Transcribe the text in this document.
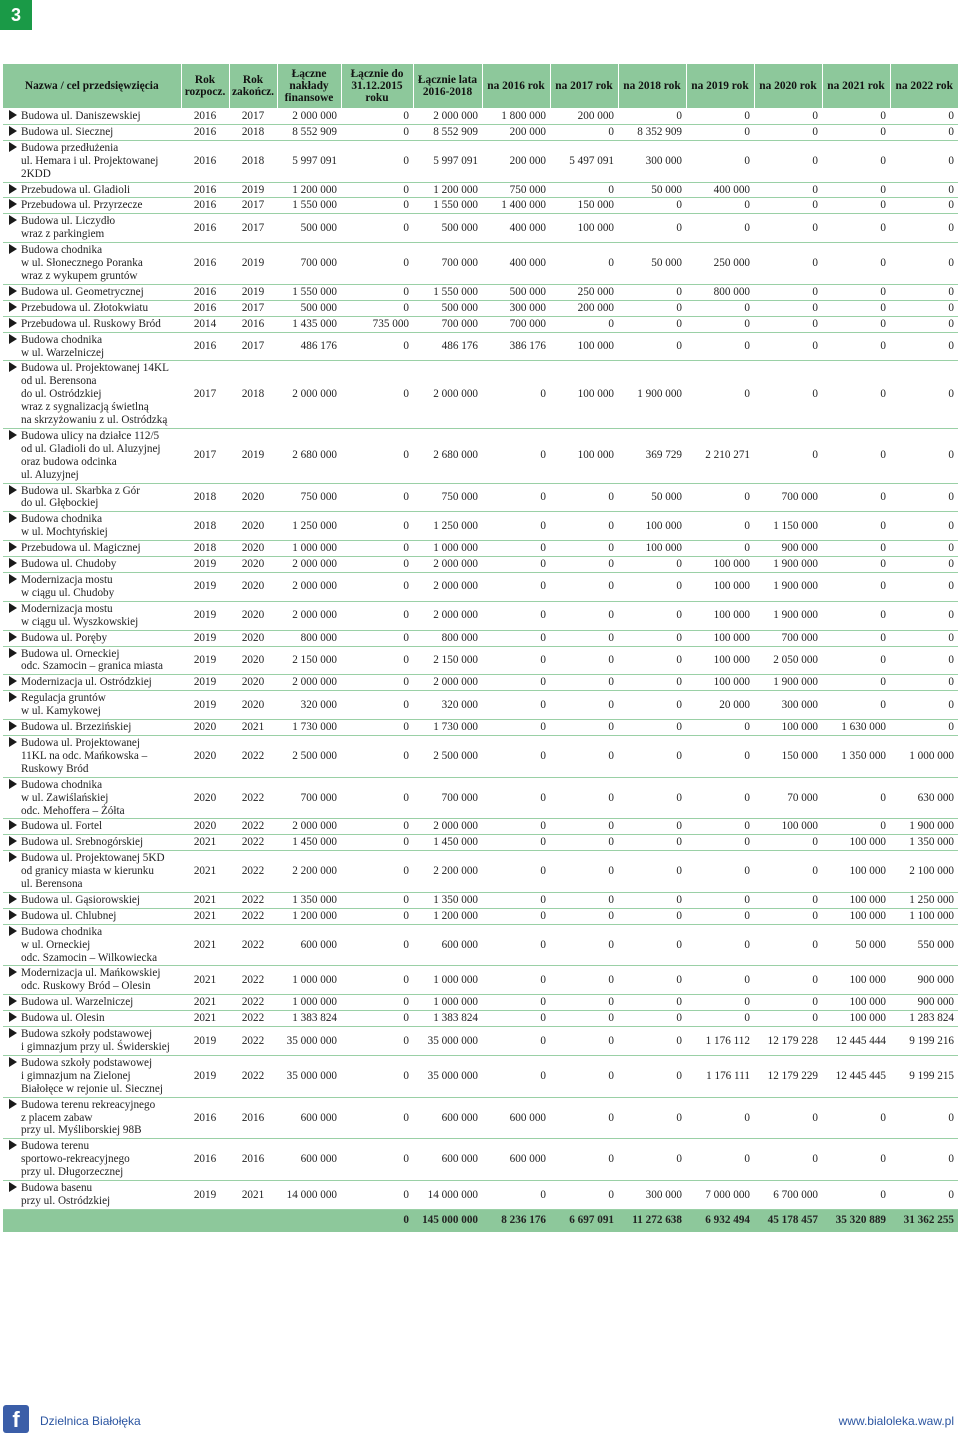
3
Nazwa / cel przedsięwzięcia	Rok rozpocz.	Rok zakończ.	Łączne nakłady finansowe	Łącznie do 31.12.2015 roku	Łącznie lata 2016-2018	na 2016 rok	na 2017 rok	na 2018 rok	na 2019 rok	na 2020 rok	na 2021 rok	na 2022 rok

Budowa ul. Daniszewskiej	2016	2017	2 000 000	0	2 000 000	1 800 000	200 000	0	0	0	0	0

Budowa ul. Siecznej	2016	2018	8 552 909	0	8 552 909	200 000	0	8 352 909	0	0	0	0

Budowa przedłużenia
ul. Hemara i ul. Projektowanej
2KDD	2016	2018	5 997 091	0	5 997 091	200 000	5 497 091	300 000	0	0	0	0

Przebudowa ul. Gladioli	2016	2019	1 200 000	0	1 200 000	750 000	0	50 000	400 000	0	0	0

Przebudowa ul. Przyrzecze	2016	2017	1 550 000	0	1 550 000	1 400 000	150 000	0	0	0	0	0

Budowa ul. Liczydło
wraz z parkingiem	2016	2017	500 000	0	500 000	400 000	100 000	0	0	0	0	0

Budowa chodnika
w ul. Słonecznego Poranka
wraz z wykupem gruntów	2016	2019	700 000	0	700 000	400 000	0	50 000	250 000	0	0	0

Budowa ul. Geometrycznej	2016	2019	1 550 000	0	1 550 000	500 000	250 000	0	800 000	0	0	0

Przebudowa ul. Złotokwiatu	2016	2017	500 000	0	500 000	300 000	200 000	0	0	0	0	0

Przebudowa ul. Ruskowy Bród	2014	2016	1 435 000	735 000	700 000	700 000	0	0	0	0	0	0

Budowa chodnika
w ul. Warzelniczej	2016	2017	486 176	0	486 176	386 176	100 000	0	0	0	0	0

Budowa ul. Projektowanej 14KL
od ul. Berensona
do ul. Ostródzkiej
wraz z sygnalizacją świetlną
na skrzyżowaniu z ul. Ostródzką	2017	2018	2 000 000	0	2 000 000	0	100 000	1 900 000	0	0	0	0

Budowa ulicy na działce 112/5
od ul. Gladioli do ul. Aluzyjnej
oraz budowa odcinka
ul. Aluzyjnej	2017	2019	2 680 000	0	2 680 000	0	100 000	369 729	2 210 271	0	0	0

Budowa ul. Skarbka z Gór
do ul. Głębockiej	2018	2020	750 000	0	750 000	0	0	50 000	0	700 000	0	0

Budowa chodnika
w ul. Mochtyńskiej	2018	2020	1 250 000	0	1 250 000	0	0	100 000	0	1 150 000	0	0

Przebudowa ul. Magicznej	2018	2020	1 000 000	0	1 000 000	0	0	100 000	0	900 000	0	0

Budowa ul. Chudoby	2019	2020	2 000 000	0	2 000 000	0	0	0	100 000	1 900 000	0	0

Modernizacja mostu
w ciągu ul. Chudoby	2019	2020	2 000 000	0	2 000 000	0	0	0	100 000	1 900 000	0	0

Modernizacja mostu
w ciągu ul. Wyszkowskiej	2019	2020	2 000 000	0	2 000 000	0	0	0	100 000	1 900 000	0	0

Budowa ul. Poręby	2019	2020	800 000	0	800 000	0	0	0	100 000	700 000	0	0

Budowa ul. Orneckiej
odc. Szamocin – granica miasta	2019	2020	2 150 000	0	2 150 000	0	0	0	100 000	2 050 000	0	0

Modernizacja ul. Ostródzkiej	2019	2020	2 000 000	0	2 000 000	0	0	0	100 000	1 900 000	0	0

Regulacja gruntów
w ul. Kamykowej	2019	2020	320 000	0	320 000	0	0	0	20 000	300 000	0	0

Budowa ul. Brzezińskiej	2020	2021	1 730 000	0	1 730 000	0	0	0	0	100 000	1 630 000	0

Budowa ul. Projektowanej
11KL na odc. Mańkowska –
Ruskowy Bród	2020	2022	2 500 000	0	2 500 000	0	0	0	0	150 000	1 350 000	1 000 000

Budowa chodnika
w ul. Zawiślańskiej
odc. Mehoffera – Żółta	2020	2022	700 000	0	700 000	0	0	0	0	70 000	0	630 000

Budowa ul. Fortel	2020	2022	2 000 000	0	2 000 000	0	0	0	0	100 000	0	1 900 000

Budowa ul. Srebnogórskiej	2021	2022	1 450 000	0	1 450 000	0	0	0	0	0	100 000	1 350 000

Budowa ul. Projektowanej 5KD
od granicy miasta w kierunku
ul. Berensona	2021	2022	2 200 000	0	2 200 000	0	0	0	0	0	100 000	2 100 000

Budowa ul. Gąsiorowskiej	2021	2022	1 350 000	0	1 350 000	0	0	0	0	0	100 000	1 250 000

Budowa ul. Chlubnej	2021	2022	1 200 000	0	1 200 000	0	0	0	0	0	100 000	1 100 000

Budowa chodnika
w ul. Orneckiej
odc. Szamocin – Wilkowiecka	2021	2022	600 000	0	600 000	0	0	0	0	0	50 000	550 000

Modernizacja ul. Mańkowskiej
odc. Ruskowy Bród – Olesin	2021	2022	1 000 000	0	1 000 000	0	0	0	0	0	100 000	900 000

Budowa ul. Warzelniczej	2021	2022	1 000 000	0	1 000 000	0	0	0	0	0	100 000	900 000

Budowa ul. Olesin	2021	2022	1 383 824	0	1 383 824	0	0	0	0	0	100 000	1 283 824

Budowa szkoły podstawowej
i gimnazjum przy ul. Świderskiej	2019	2022	35 000 000	0	35 000 000	0	0	0	1 176 112	12 179 228	12 445 444	9 199 216

Budowa szkoły podstawowej
i gimnazjum na Zielonej
Białołęce w rejonie ul. Siecznej	2019	2022	35 000 000	0	35 000 000	0	0	0	1 176 111	12 179 229	12 445 445	9 199 215

Budowa terenu rekreacyjnego
z placem zabaw
przy ul. Myśliborskiej 98B	2016	2016	600 000	0	600 000	600 000	0	0	0	0	0	0

Budowa terenu
sportowo-rekreacyjnego
przy ul. Długorzecznej	2016	2016	600 000	0	600 000	600 000	0	0	0	0	0	0

Budowa basenu
przy ul. Ostródzkiej	2019	2021	14 000 000	0	14 000 000	0	0	300 000	7 000 000	6 700 000	0	0
				0	145 000 000	8 236 176	6 697 091	11 272 638	6 932 494	45 178 457	35 320 889	31 362 255
f	Dzielnica Białołęka	www.bialoleka.waw.pl
